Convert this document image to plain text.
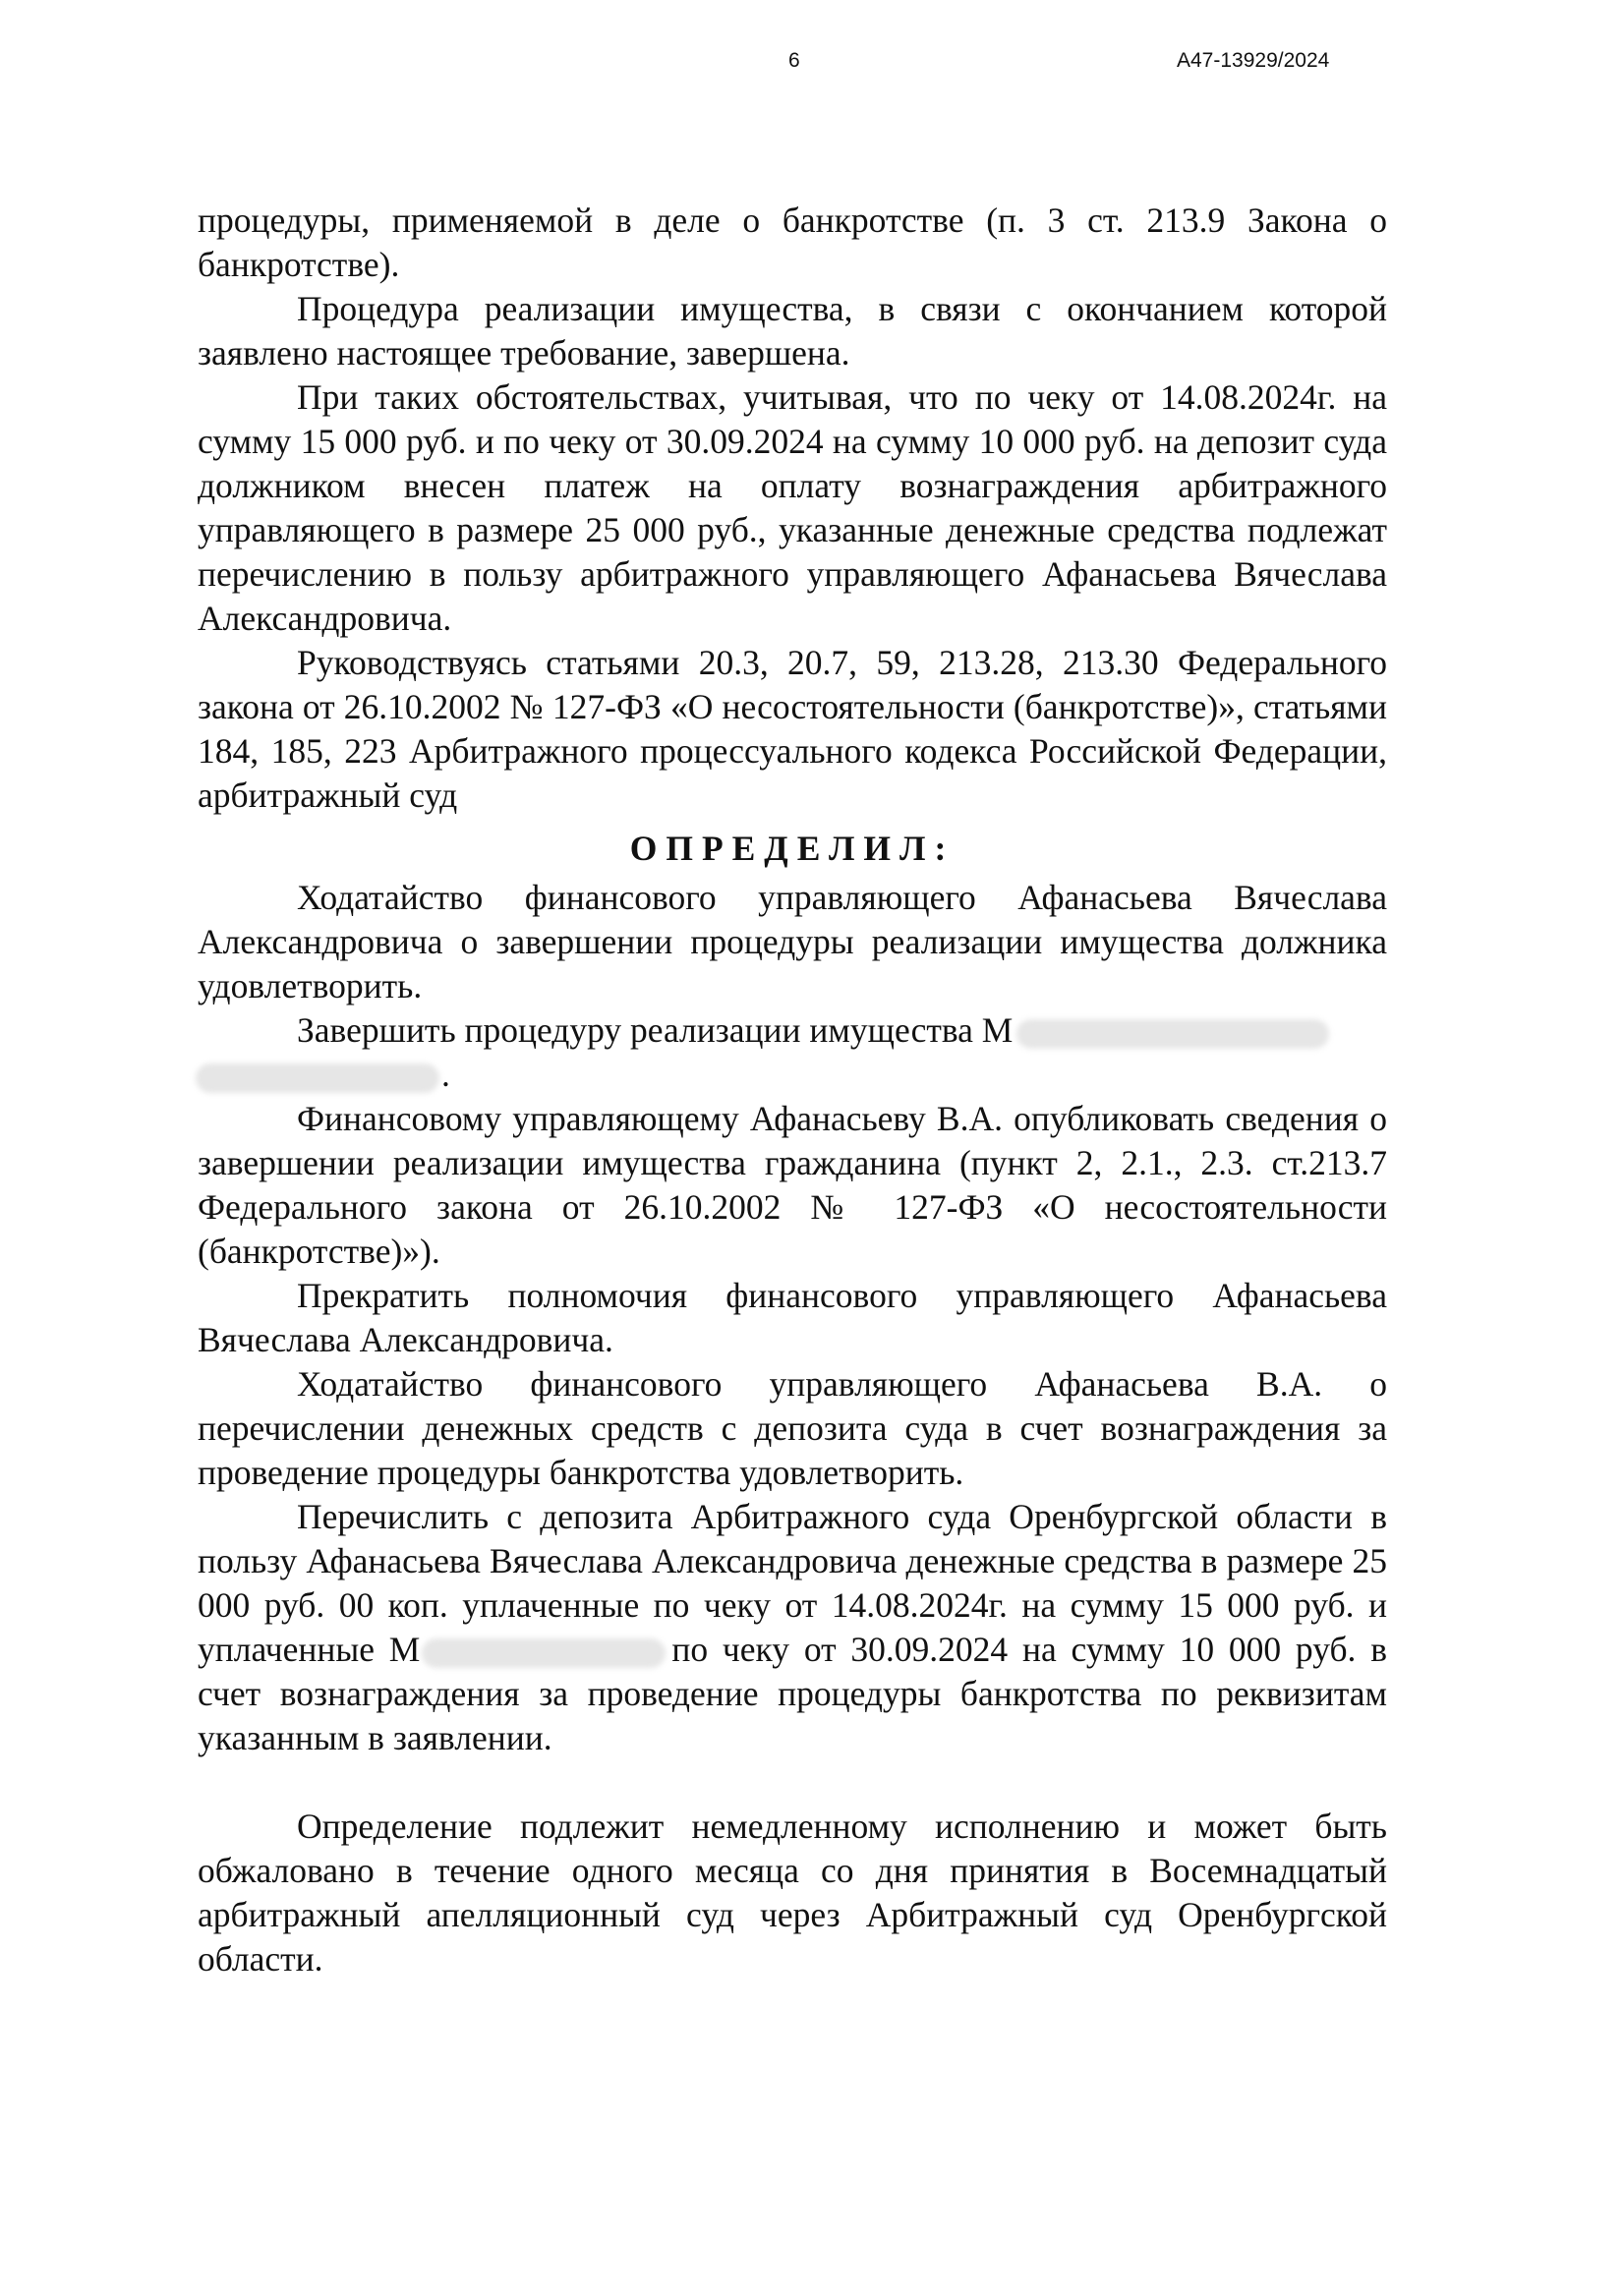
6	А47-13929/2024

процедуры, применяемой в деле о банкротстве (п. 3 ст. 213.9 Закона о банкротстве).

Процедура реализации имущества, в связи с окончанием которой заявлено настоящее требование, завершена.

При таких обстоятельствах, учитывая, что по чеку от 14.08.2024г. на сумму 15 000 руб. и по чеку от 30.09.2024 на сумму 10 000 руб. на депозит суда должником внесен платеж на оплату вознаграждения арбитражного управляющего в размере 25 000 руб., указанные денежные средства подлежат перечислению в пользу арбитражного управляющего Афанасьева Вячеслава Александровича.

Руководствуясь статьями 20.3, 20.7, 59, 213.28, 213.30 Федерального закона от 26.10.2002 № 127-ФЗ «О несостоятельности (банкротстве)», статьями 184, 185, 223 Арбитражного процессуального кодекса Российской Федерации, арбитражный суд

ОПРЕДЕЛИЛ:

Ходатайство финансового управляющего Афанасьева Вячеслава Александровича о завершении процедуры реализации имущества должника удовлетворить.

Завершить процедуру реализации имущества М
.

Финансовому управляющему Афанасьеву В.А. опубликовать сведения о завершении реализации имущества гражданина (пункт 2, 2.1., 2.3. ст.213.7 Федерального закона от 26.10.2002 № 127-ФЗ «О несостоятельности (банкротстве)»).

Прекратить полномочия финансового управляющего Афанасьева Вячеслава Александровича.

Ходатайство финансового управляющего Афанасьева В.А. о перечислении денежных средств с депозита суда в счет вознаграждения за проведение процедуры банкротства удовлетворить.

Перечислить с депозита Арбитражного суда Оренбургской области в пользу Афанасьева Вячеслава Александровича денежные средства в размере 25 000 руб. 00 коп. уплаченные по чеку от 14.08.2024г. на сумму 15 000 руб. и уплаченные М	по чеку от 30.09.2024 на сумму 10 000 руб. в счет вознаграждения за проведение процедуры банкротства по реквизитам указанным в заявлении.

Определение подлежит немедленному исполнению и может быть обжаловано в течение одного месяца со дня принятия в Восемнадцатый арбитражный апелляционный суд через Арбитражный суд Оренбургской области.
